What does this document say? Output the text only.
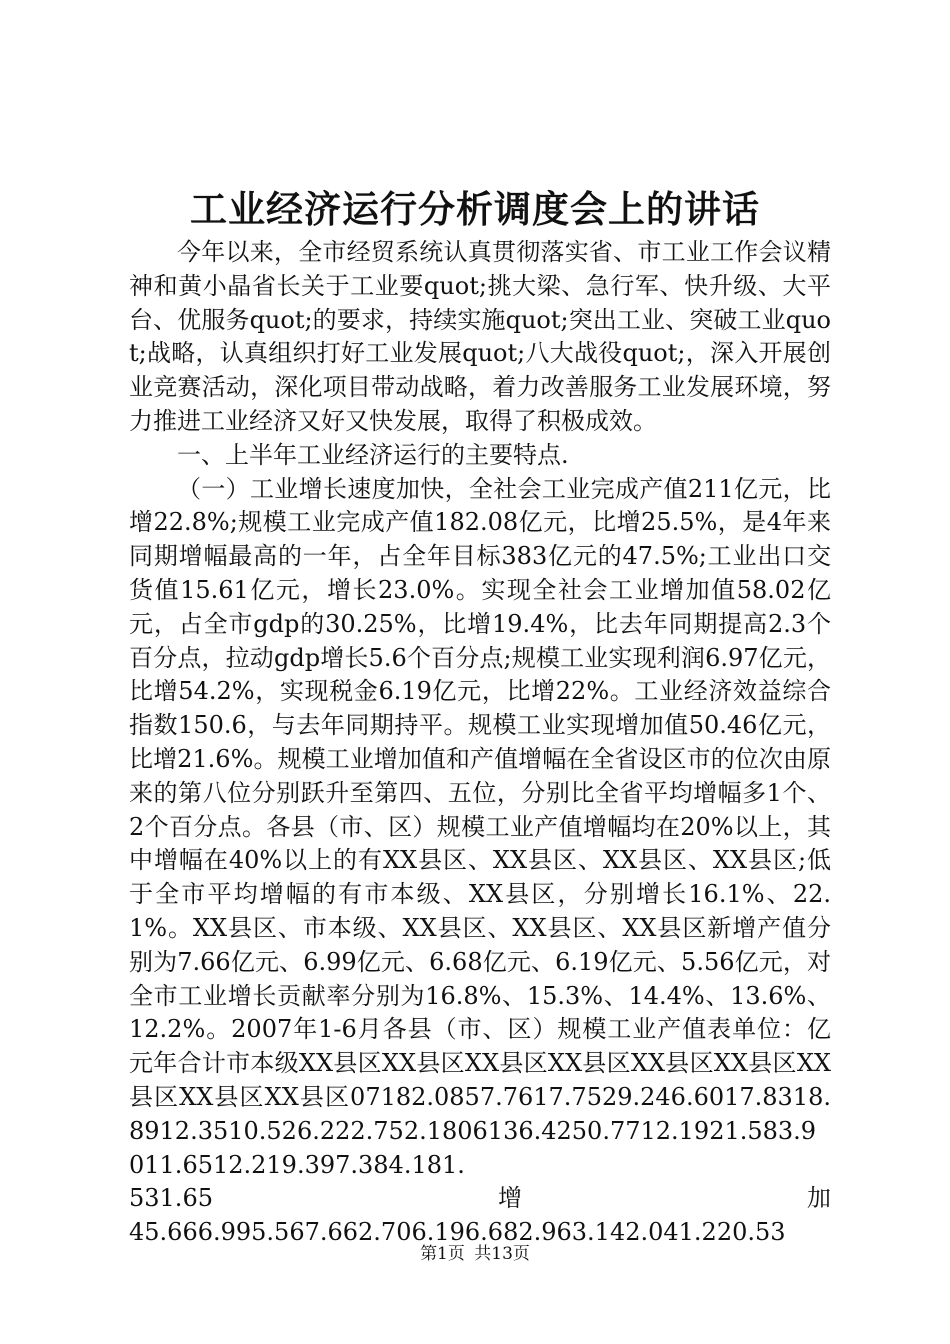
工业经济运行分析调度会上的讲话

今年以来，全市经贸系统认真贯彻落实省、市工业工作会议精神和黄小晶省长关于工业要quot;挑大梁、急行军、快升级、大平台、优服务quot;的要求，持续实施quot;突出工业、突破工业quot;战略，认真组织打好工业发展quot;八大战役quot;，深入开展创业竞赛活动，深化项目带动战略，着力改善服务工业发展环境，努力推进工业经济又好又快发展，取得了积极成效。

一、上半年工业经济运行的主要特点.

（一）工业增长速度加快，全社会工业完成产值211亿元，比增22.8%;规模工业完成产值182.08亿元，比增25.5%，是4年来同期增幅最高的一年，占全年目标383亿元的47.5%;工业出口交货值15.61亿元，增长23.0%。实现全社会工业增加值58.02亿元，占全市gdp的30.25%，比增19.4%，比去年同期提高2.3个百分点，拉动gdp增长5.6个百分点;规模工业实现利润6.97亿元，比增54.2%，实现税金6.19亿元，比增22%。工业经济效益综合指数150.6，与去年同期持平。规模工业实现增加值50.46亿元，比增21.6%。规模工业增加值和产值增幅在全省设区市的位次由原来的第八位分别跃升至第四、五位，分别比全省平均增幅多1个、2个百分点。各县（市、区）规模工业产值增幅均在20%以上，其中增幅在40%以上的有XX县区、XX县区、XX县区、XX县区;低于全市平均增幅的有市本级、XX县区，分别增长16.1%、22.1%。XX县区、市本级、XX县区、XX县区、XX县区新增产值分别为7.66亿元、6.99亿元、6.68亿元、6.19亿元、5.56亿元，对全市工业增长贡献率分别为16.8%、15.3%、14.4%、13.6%、12.2%。2007年1-6月各县（市、区）规模工业产值表单位：亿元年合计市本级XX县区XX县区XX县区XX县区XX县区XX县区XX县区XX县区XX县区07182.0857.7617.7529.246.6017.8318.8912.3510.526.222.752.1806136.4250.7712.1921.583.9011.6512.219.397.384.181.

531.65	增	加

45.666.995.567.662.706.196.682.963.142.041.220.53

第1页 共13页
